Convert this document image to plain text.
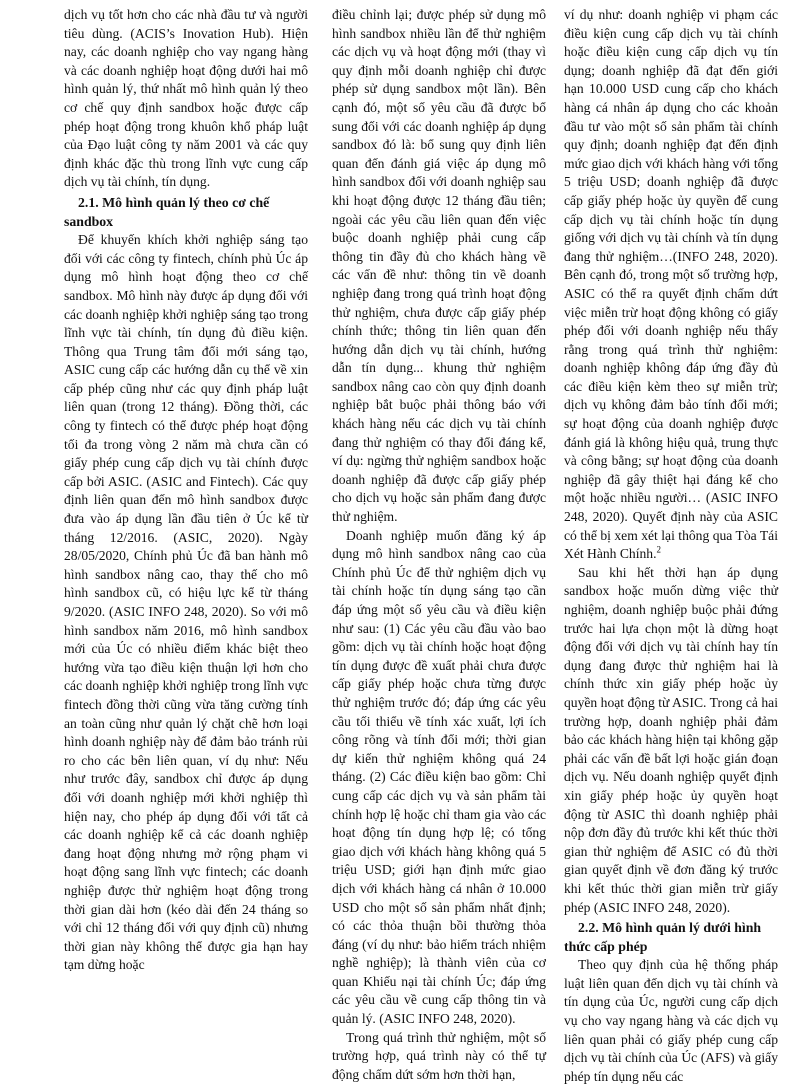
dịch vụ tốt hơn cho các nhà đầu tư và người tiêu dùng. (ACIS’s Inovation Hub). Hiện nay, các doanh nghiệp cho vay ngang hàng và các doanh nghiệp hoạt động dưới hai mô hình quản lý, thứ nhất mô hình quản lý theo cơ chế quy định sandbox hoặc được cấp phép hoạt động trong khuôn khổ pháp luật của Đạo luật công ty năm 2001 và các quy định khác đặc thù trong lĩnh vực cung cấp dịch vụ tài chính, tín dụng.

2.1. Mô hình quản lý theo cơ chế sandbox

Để khuyến khích khởi nghiệp sáng tạo đối với các công ty fintech, chính phủ Úc áp dụng mô hình hoạt động theo cơ chế sandbox. Mô hình này được áp dụng đối với các doanh nghiệp khởi nghiệp sáng tạo trong lĩnh vực tài chính, tín dụng đủ điều kiện. Thông qua Trung tâm đổi mới sáng tạo, ASIC cung cấp các hướng dẫn cụ thể về xin cấp phép cũng như các quy định pháp luật liên quan (trong 12 tháng). Đồng thời, các công ty fintech có thể được phép hoạt động tối đa trong vòng 2 năm mà chưa cần có giấy phép cung cấp dịch vụ tài chính được cấp bởi ASIC. (ASIC and Fintech). Các quy định liên quan đến mô hình sandbox được đưa vào áp dụng lần đầu tiên ở Úc kể từ tháng 12/2016. (ASIC, 2020). Ngày 28/05/2020, Chính phủ Úc đã ban hành mô hình sandbox nâng cao, thay thế cho mô hình sandbox cũ, có hiệu lực kể từ tháng 9/2020. (ASIC INFO 248, 2020). So với mô hình sandbox năm 2016, mô hình sandbox mới của Úc có nhiều điểm khác biệt theo hướng vừa tạo điều kiện thuận lợi hơn cho các doanh nghiệp khởi nghiệp trong lĩnh vực fintech đồng thời cũng vừa tăng cường tính an toàn cũng như quản lý chặt chẽ hơn loại hình doanh nghiệp này để đảm bảo tránh rủi ro cho các bên liên quan, ví dụ như: Nếu như trước đây, sandbox chỉ được áp dụng đối với doanh nghiệp mới khởi nghiệp thì hiện nay, cho phép áp dụng đối với tất cả các doanh nghiệp kể cả các doanh nghiệp đang hoạt động nhưng mở rộng phạm vi hoạt động sang lĩnh vực fintech; các doanh nghiệp được thử nghiệm hoạt động trong thời gian dài hơn (kéo dài đến 24 tháng so với chỉ 12 tháng đối với quy định cũ) nhưng thời gian này không thể được gia hạn hay tạm dừng hoặc

điều chỉnh lại; được phép sử dụng mô hình sandbox nhiều lần để thử nghiệm các dịch vụ và hoạt động mới (thay vì quy định mỗi doanh nghiệp chỉ được phép sử dụng sandbox một lần). Bên cạnh đó, một số yêu cầu đã được bổ sung đối với các doanh nghiệp áp dụng sandbox đó là: bổ sung quy định liên quan đến đánh giá việc áp dụng mô hình sandbox đối với doanh nghiệp sau khi hoạt động được 12 tháng đầu tiên; ngoài các yêu cầu liên quan đến việc buộc doanh nghiệp phải cung cấp thông tin đầy đủ cho khách hàng về các vấn đề như: thông tin về doanh nghiệp đang trong quá trình hoạt động thử nghiệm, chưa được cấp giấy phép chính thức; thông tin liên quan đến hướng dẫn dịch vụ tài chính, hướng dẫn tín dụng... khung thử nghiệm sandbox nâng cao còn quy định doanh nghiệp bắt buộc phải thông báo với khách hàng nếu các dịch vụ tài chính đang thử nghiệm có thay đổi đáng kể, ví dụ: ngừng thử nghiệm sandbox hoặc doanh nghiệp đã được cấp giấy phép cho dịch vụ hoặc sản phẩm đang được thử nghiệm.

Doanh nghiệp muốn đăng ký áp dụng mô hình sandbox nâng cao của Chính phủ Úc để thử nghiệm dịch vụ tài chính hoặc tín dụng sáng tạo cần đáp ứng một số yêu cầu và điều kiện như sau: (1) Các yêu cầu đầu vào bao gồm: dịch vụ tài chính hoặc hoạt động tín dụng được đề xuất phải chưa được cấp giấy phép hoặc chưa từng được thử nghiệm trước đó; đáp ứng các yêu cầu tối thiểu về tính xác xuất, lợi ích công rõng và tính đổi mới; thời gian dự kiến thử nghiệm không quá 24 tháng. (2) Các điều kiện bao gồm: Chỉ cung cấp các dịch vụ và sản phẩm tài chính hợp lệ hoặc chỉ tham gia vào các hoạt động tín dụng hợp lệ; có tổng giao dịch với khách hàng không quá 5 triệu USD; giới hạn định mức giao dịch với khách hàng cá nhân ở 10.000 USD cho một số sản phẩm nhất định; có các thỏa thuận bồi thường thỏa đáng (ví dụ như: bảo hiểm trách nhiệm nghề nghiệp); là thành viên của cơ quan Khiếu nại tài chính Úc; đáp ứng các yêu cầu về cung cấp thông tin và quản lý. (ASIC INFO 248, 2020).

Trong quá trình thử nghiệm, một số trường hợp, quá trình này có thể tự động chấm dứt sớm hơn thời hạn,

ví dụ như: doanh nghiệp vi phạm các điều kiện cung cấp dịch vụ tài chính hoặc điều kiện cung cấp dịch vụ tín dụng; doanh nghiệp đã đạt đến giới hạn 10.000 USD cung cấp cho khách hàng cá nhân áp dụng cho các khoản đầu tư vào một số sản phẩm tài chính quy định; doanh nghiệp đạt đến định mức giao dịch với khách hàng với tổng 5 triệu USD; doanh nghiệp đã được cấp giấy phép hoặc ủy quyền để cung cấp dịch vụ tài chính hoặc tín dụng giống với dịch vụ tài chính và tín dụng đang thử nghiệm…(INFO 248, 2020). Bên cạnh đó, trong một số trường hợp, ASIC có thể ra quyết định chấm dứt việc miễn trừ hoạt động không có giấy phép đối với doanh nghiệp nếu thấy rằng trong quá trình thử nghiệm: doanh nghiệp không đáp ứng đầy đủ các điều kiện kèm theo sự miễn trừ; dịch vụ không đảm bảo tính đổi mới; sự hoạt động của doanh nghiệp được đánh giá là không hiệu quả, trung thực và công bằng; sự hoạt động của doanh nghiệp đã gây thiệt hại đáng kể cho một hoặc nhiều người… (ASIC INFO 248, 2020). Quyết định này của ASIC có thể bị xem xét lại thông qua Tòa Tái Xét Hành Chính.$^2$

Sau khi hết thời hạn áp dụng sandbox hoặc muốn dừng việc thử nghiệm, doanh nghiệp buộc phải đứng trước hai lựa chọn một là dừng hoạt động đối với dịch vụ tài chính hay tín dụng đang được thử nghiệm hai là chính thức xin giấy phép hoặc ủy quyền hoạt động từ ASIC. Trong cả hai trường hợp, doanh nghiệp phải đảm bảo các khách hàng hiện tại không gặp phải các vấn đề bất lợi hoặc gián đoạn dịch vụ. Nếu doanh nghiệp quyết định xin giấy phép hoặc ủy quyền hoạt động từ ASIC thì doanh nghiệp phải nộp đơn đầy đủ trước khi kết thúc thời gian thử nghiệm để ASIC có đủ thời gian quyết định về đơn đăng ký trước khi kết thúc thời gian miễn trừ giấy phép (ASIC INFO 248, 2020).

2.2. Mô hình quản lý dưới hình thức cấp phép

Theo quy định của hệ thống pháp luật liên quan đến dịch vụ tài chính và tín dụng của Úc, người cung cấp dịch vụ cho vay ngang hàng và các dịch vụ liên quan phải có giấy phép cung cấp dịch vụ tài chính của Úc (AFS) và giấy phép tín dụng nếu các
